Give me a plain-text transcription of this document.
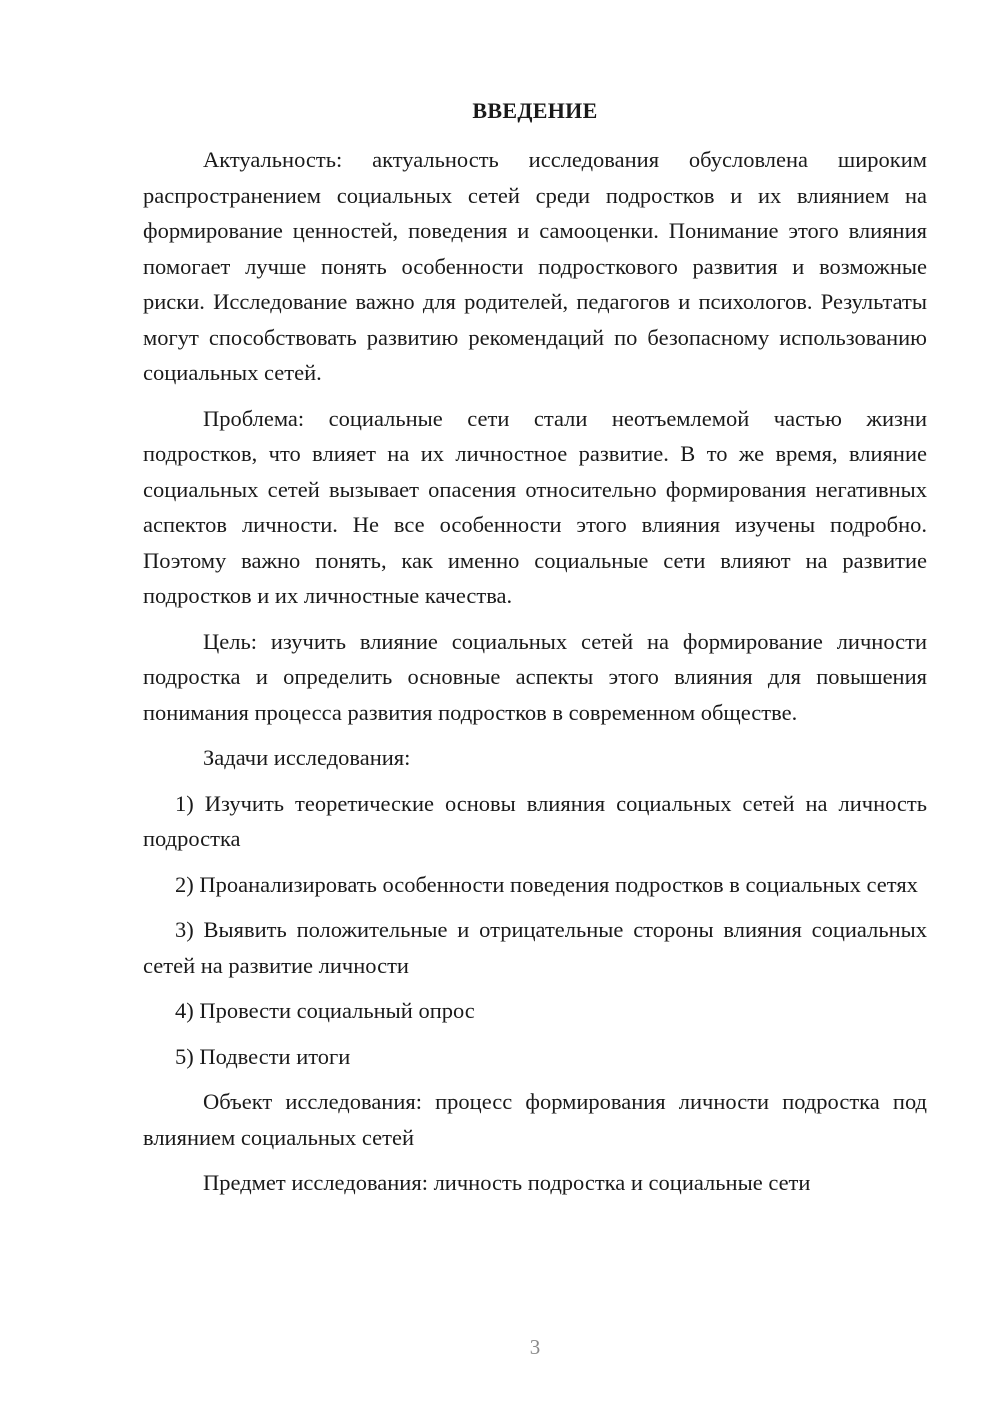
ВВЕДЕНИЕ

Актуальность: актуальность исследования обусловлена широким распространением социальных сетей среди подростков и их влиянием на формирование ценностей, поведения и самооценки. Понимание этого влияния помогает лучше понять особенности подросткового развития и возможные риски. Исследование важно для родителей, педагогов и психологов. Результаты могут способствовать развитию рекомендаций по безопасному использованию социальных сетей.

Проблема: социальные сети стали неотъемлемой частью жизни подростков, что влияет на их личностное развитие. В то же время, влияние социальных сетей вызывает опасения относительно формирования негативных аспектов личности. Не все особенности этого влияния изучены подробно. Поэтому важно понять, как именно социальные сети влияют на развитие подростков и их личностные качества.

Цель: изучить влияние социальных сетей на формирование личности подростка и определить основные аспекты этого влияния для повышения понимания процесса развития подростков в современном обществе.

Задачи исследования:

1) Изучить теоретические основы влияния социальных сетей на личность подростка

2) Проанализировать особенности поведения подростков в социальных сетях

3) Выявить положительные и отрицательные стороны влияния социальных сетей на развитие личности

4) Провести социальный опрос

5) Подвести итоги

Объект исследования: процесс формирования личности подростка под влиянием социальных сетей

Предмет исследования: личность подростка и социальные сети

3
